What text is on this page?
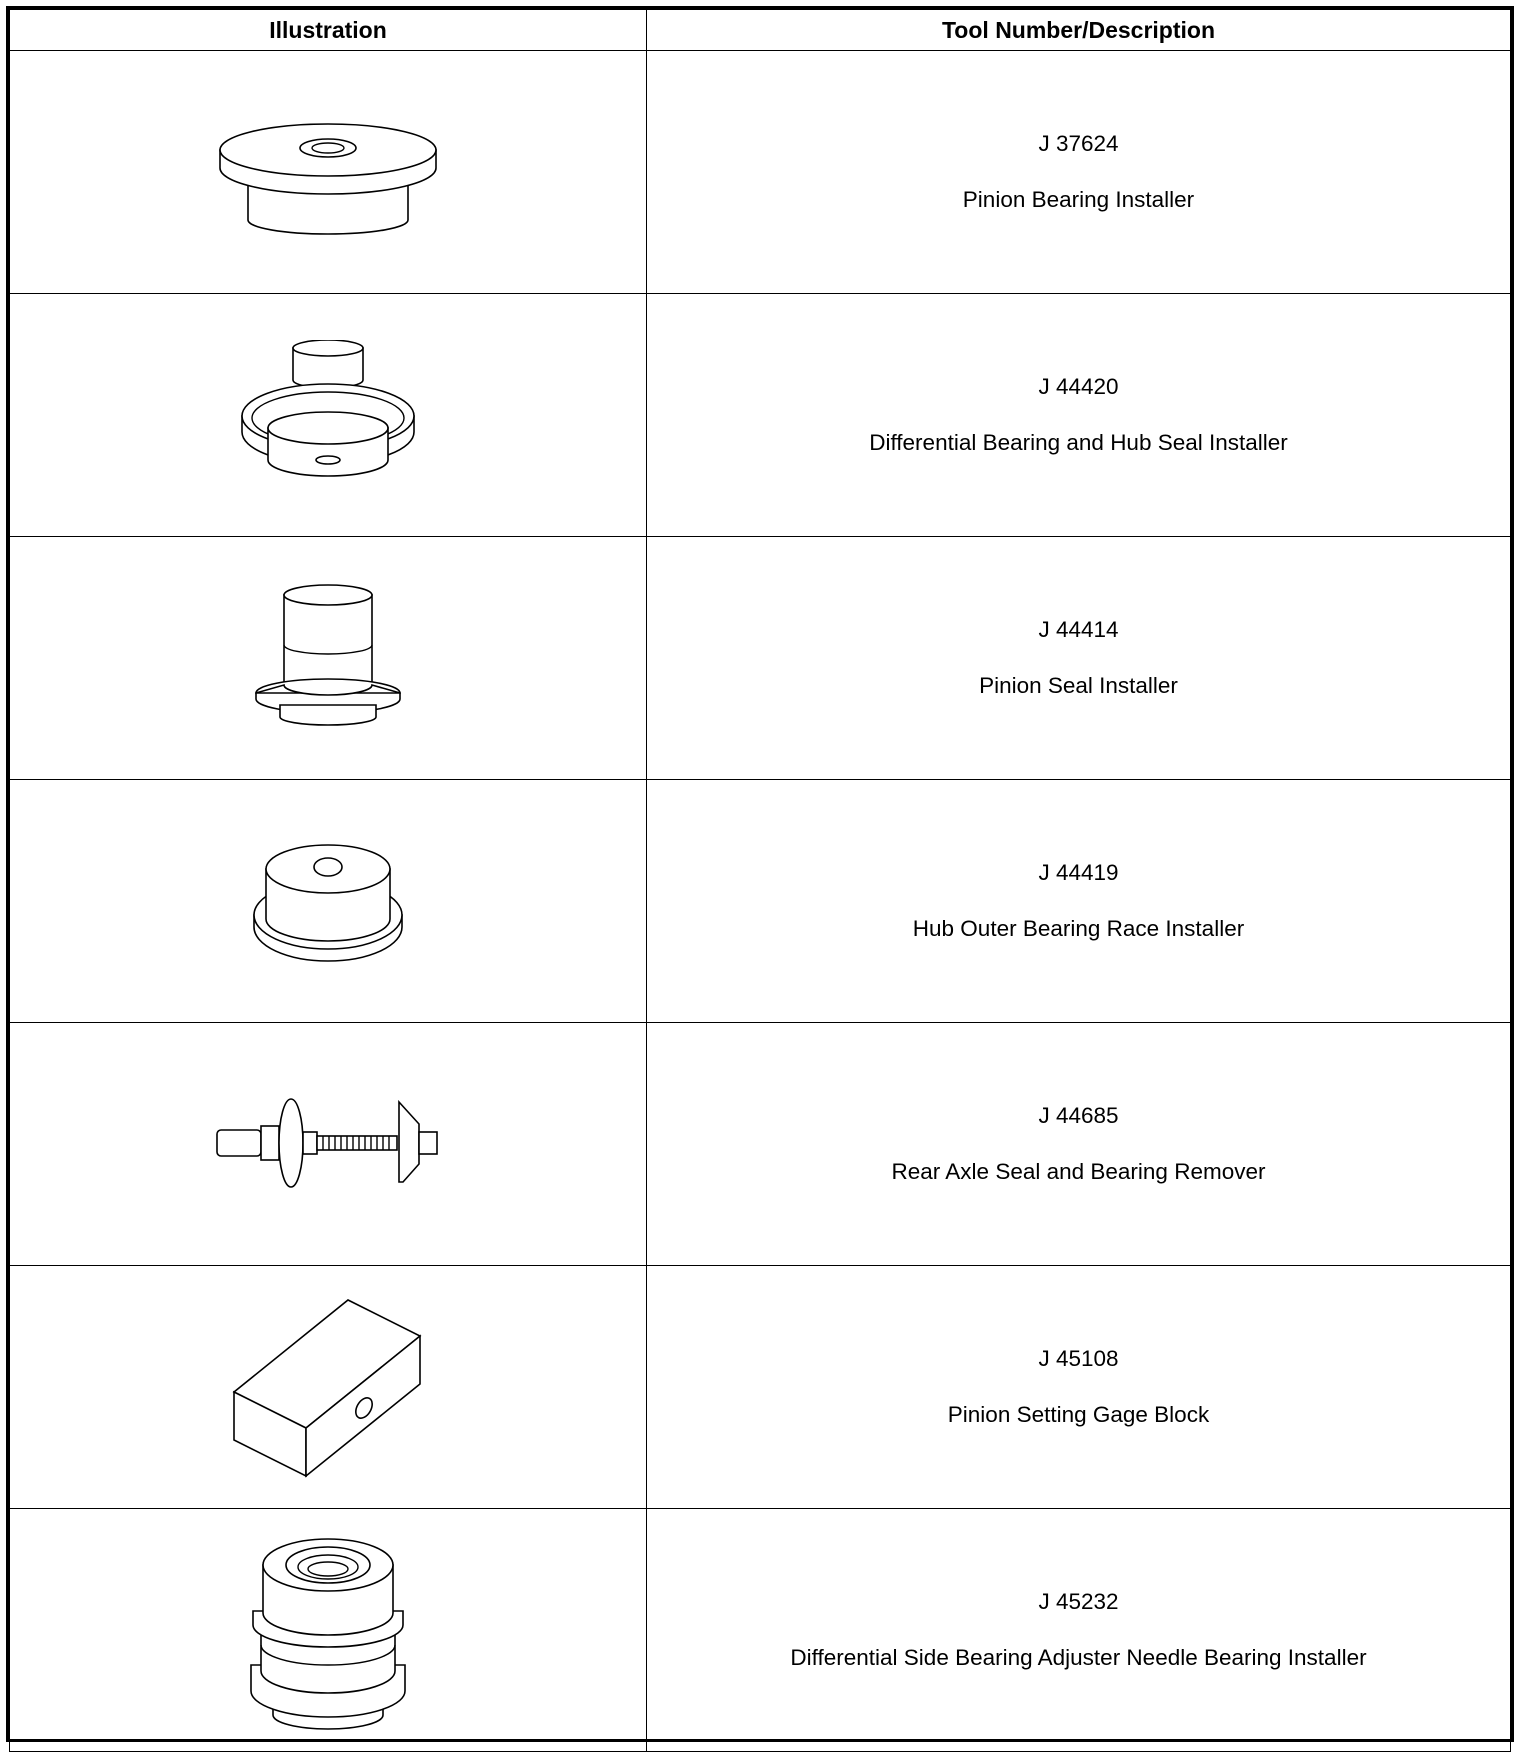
Illustration	Tool Number/Description

J 37624
Pinion Bearing Installer

J 44420
Differential Bearing and Hub Seal Installer

J 44414
Pinion Seal Installer

J 44419
Hub Outer Bearing Race Installer

J 44685
Rear Axle Seal and Bearing Remover

J 45108
Pinion Setting Gage Block

J 45232
Differential Side Bearing Adjuster Needle Bearing Installer
